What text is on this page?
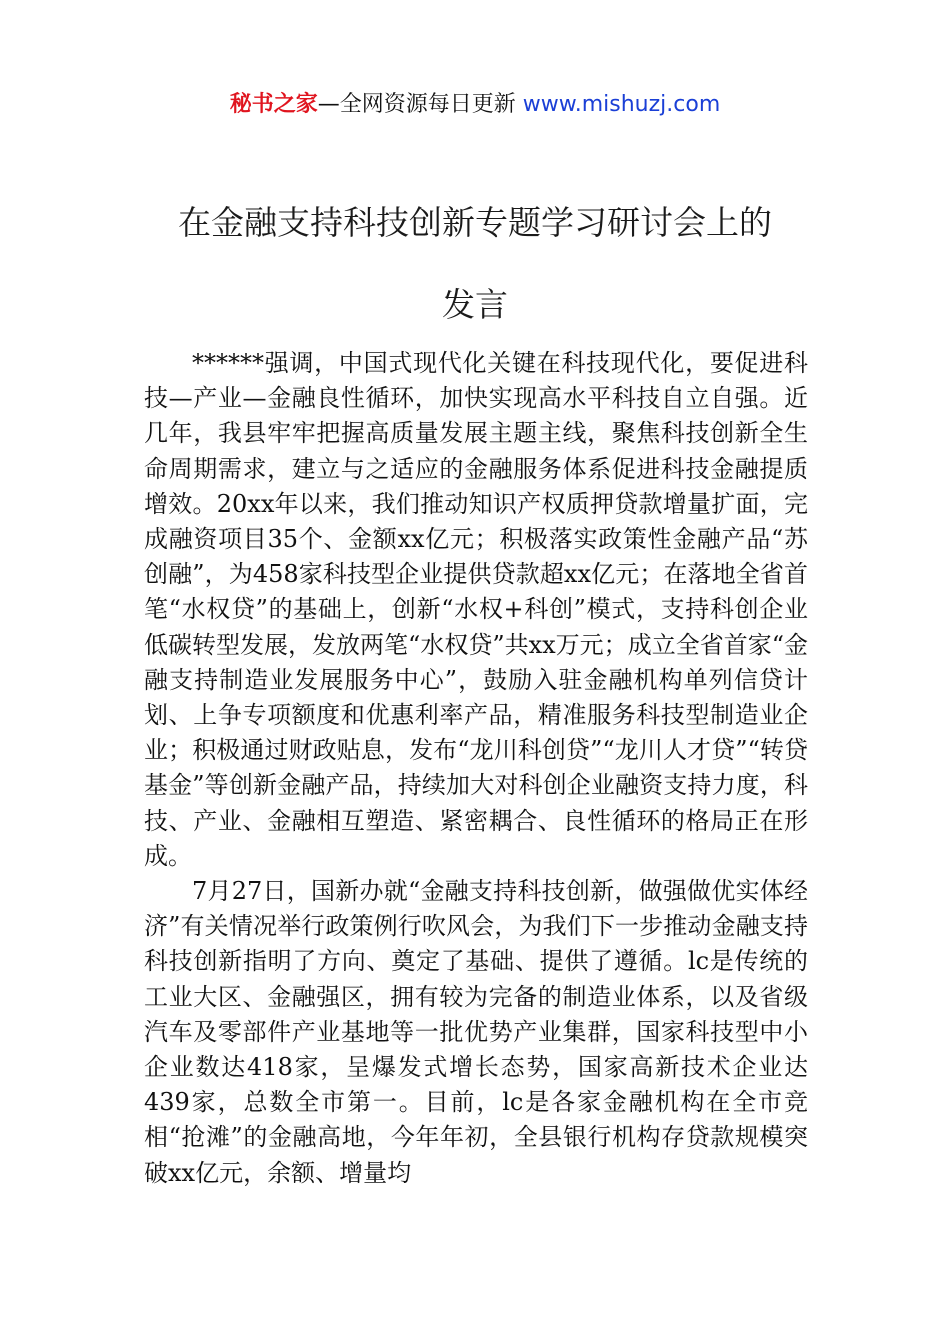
秘书之家—全网资源每日更新 www.mishuzj.com
在金融支持科技创新专题学习研讨会上的
发言

******强调，中国式现代化关键在科技现代化，要促进科技—产业—金融良性循环，加快实现高水平科技自立自强。近几年，我县牢牢把握高质量发展主题主线，聚焦科技创新全生命周期需求，建立与之适应的金融服务体系促进科技金融提质增效。20xx年以来，我们推动知识产权质押贷款增量扩面，完成融资项目35个、金额xx亿元；积极落实政策性金融产品“苏创融”，为458家科技型企业提供贷款超xx亿元；在落地全省首笔“水权贷”的基础上，创新“水权+科创”模式，支持科创企业低碳转型发展，发放两笔“水权贷”共xx万元；成立全省首家“金融支持制造业发展服务中心”，鼓励入驻金融机构单列信贷计划、上争专项额度和优惠利率产品，精准服务科技型制造业企业；积极通过财政贴息，发布“龙川科创贷”“龙川人才贷”“转贷基金”等创新金融产品，持续加大对科创企业融资支持力度，科技、产业、金融相互塑造、紧密耦合、良性循环的格局正在形成。

7月27日，国新办就“金融支持科技创新，做强做优实体经济”有关情况举行政策例行吹风会，为我们下一步推动金融支持科技创新指明了方向、奠定了基础、提供了遵循。lc是传统的工业大区、金融强区，拥有较为完备的制造业体系，以及省级汽车及零部件产业基地等一批优势产业集群，国家科技型中小企业数达418家，呈爆发式增长态势，国家高新技术企业达439家，总数全市第一。目前，lc是各家金融机构在全市竞相“抢滩”的金融高地，今年年初，全县银行机构存贷款规模突破xx亿元，余额、增量均
